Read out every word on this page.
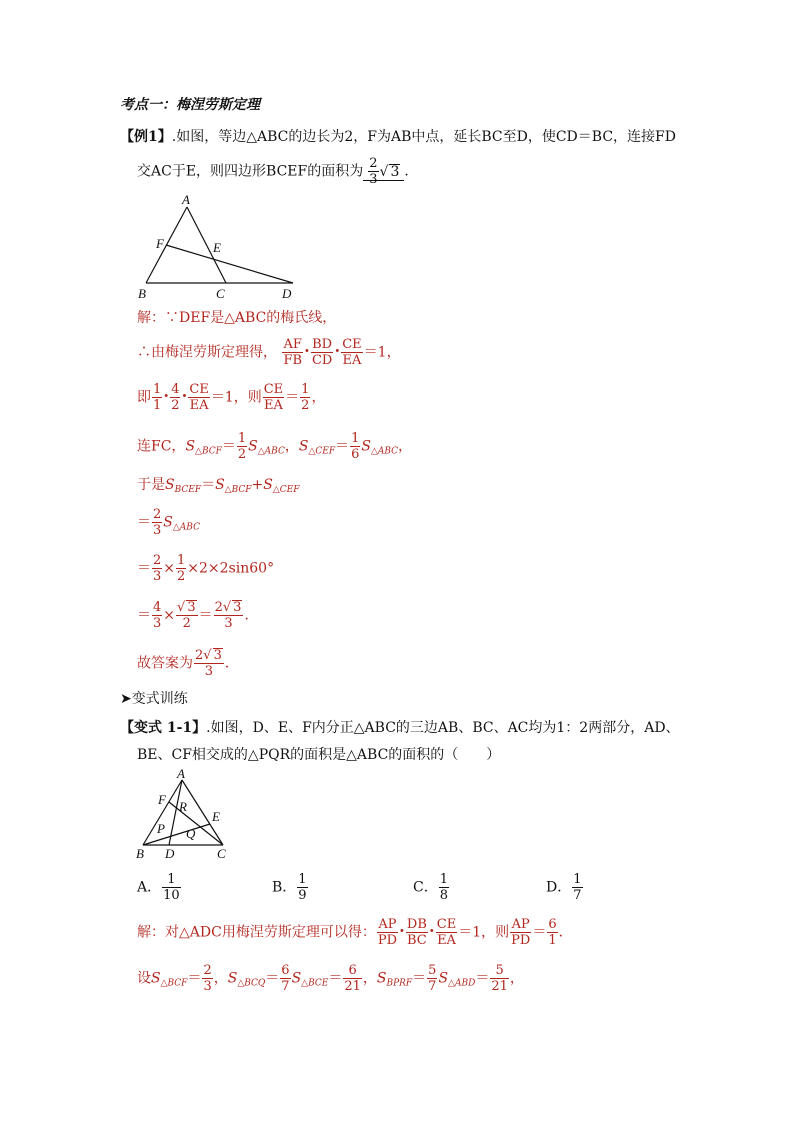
考点一：梅涅劳斯定理
【例1】.如图，等边△ABC的边长为2，F为AB中点，延长BC至D，使CD＝BC，连接FD
交AC于E，则四边形BCEF的面积为 $\frac{2}{3}$ √ 3 ．
A
B	C	D
E
F
解：∵DEF是△ABC的梅氏线，
∴由梅涅劳斯定理得， $\frac{AF}{FB}$ • $\frac{BD}{CD}$ • $\frac{CE}{EA} =1$，
即 $\frac{1}{1}$ • $\frac{4}{2}$ • $\frac{CE}{EA} =1$，则 $\frac{CE}{EA} = \frac{1}{2}$ ，
连FC，$S_{\triangle BCF}= \frac{1}{2} S_{\triangle ABC}$，$S_{\triangle CEF}= \frac{1}{6} S_{\triangle ABC}$，
于是$S_{BCEF}=S_{\triangle BCF}+S_{\triangle CEF}$
＝ $\frac{2}{3} S_{\triangle ABC}$
＝ $\frac{2}{3} \times \frac{1}{2} \times 2\times 2\sin 60^\circ$
＝ $\frac{4}{3} \times \frac{√ 3}{2} = \frac{2√ 3}{3}$ ．
故答案为 $\frac{2√ 3}{3}$ ．
➤变式训练
【变式 1-1】.如图，D、E、F内分正△ABC的三边AB、BC、AC均为1：2两部分，AD、
BE、CF相交成的△PQR的面积是△ABC的面积的（　　）
A
B	C
D
E
F
P Q
R
A． $\frac{1}{10}$	B． $\frac{1}{9}$	C． $\frac{1}{8}$	D． $\frac{1}{7}$
解：对△ADC用梅涅劳斯定理可以得： $\frac{AP}{PD}$ • $\frac{DB}{BC}$ • $\frac{CE}{EA} =1$，则 $\frac{AP}{PD} = \frac{6}{1}$ ．
设$S_{\triangle BCF}= \frac{2}{3}$ ，$S_{\triangle BCQ}= \frac{6}{7} S_{\triangle BCE}= \frac{6}{21}$ ，$S_{BPRF}= \frac{5}{7} S_{\triangle ABD}= \frac{5}{21}$ ，
